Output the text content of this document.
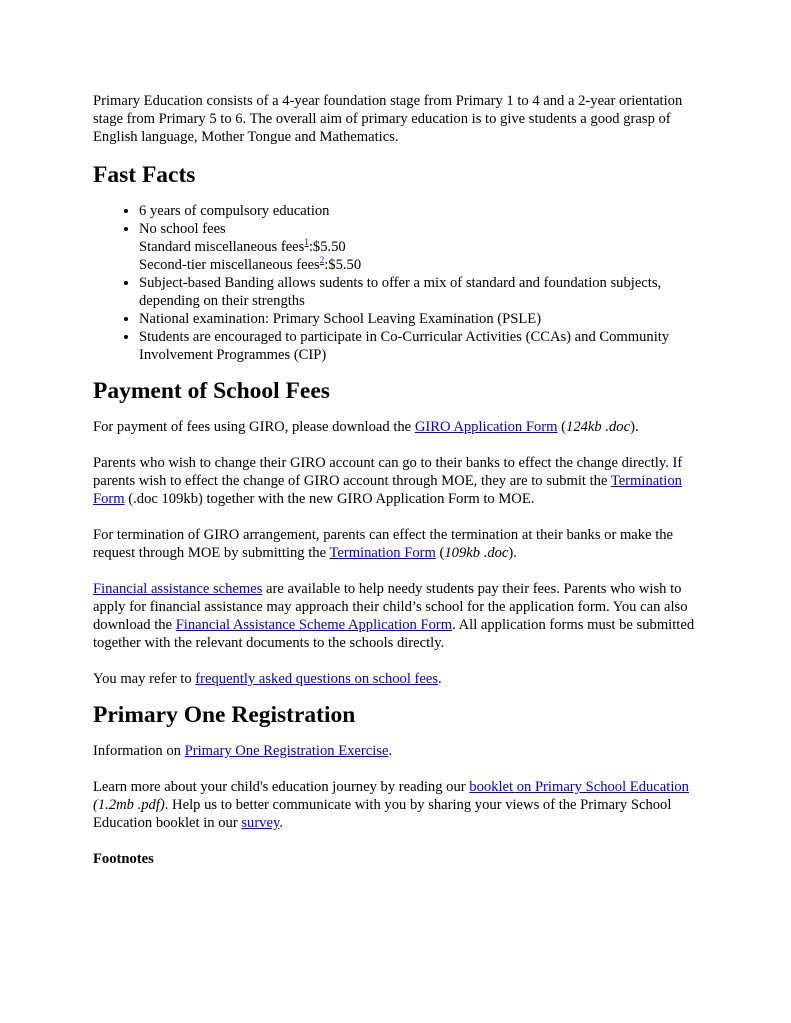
Primary Education consists of a 4-year foundation stage from Primary 1 to 4 and a 2-year orientation stage from Primary 5 to 6. The overall aim of primary education is to give students a good grasp of English language, Mother Tongue and Mathematics.

Fast Facts
• 6 years of compulsory education
• No school fees
Standard miscellaneous fees$^1$:$5.50
Second-tier miscellaneous fees$^2$:$5.50
• Subject-based Banding allows sudents to offer a mix of standard and foundation subjects, depending on their strengths
• National examination: Primary School Leaving Examination (PSLE)
• Students are encouraged to participate in Co-Curricular Activities (CCAs) and Community Involvement Programmes (CIP)
Payment of School Fees

For payment of fees using GIRO, please download the GIRO Application Form (124kb .doc).

Parents who wish to change their GIRO account can go to their banks to effect the change directly. If parents wish to effect the change of GIRO account through MOE, they are to submit the Termination Form (.doc 109kb) together with the new GIRO Application Form to MOE.

For termination of GIRO arrangement, parents can effect the termination at their banks or make the request through MOE by submitting the Termination Form (109kb .doc).

Financial assistance schemes are available to help needy students pay their fees. Parents who wish to apply for financial assistance may approach their child’s school for the application form. You can also download the Financial Assistance Scheme Application Form. All application forms must be submitted together with the relevant documents to the schools directly.

You may refer to frequently asked questions on school fees.

Primary One Registration

Information on Primary One Registration Exercise.

Learn more about your child's education journey by reading our booklet on Primary School Education (1.2mb .pdf). Help us to better communicate with you by sharing your views of the Primary School Education booklet in our survey.

Footnotes
